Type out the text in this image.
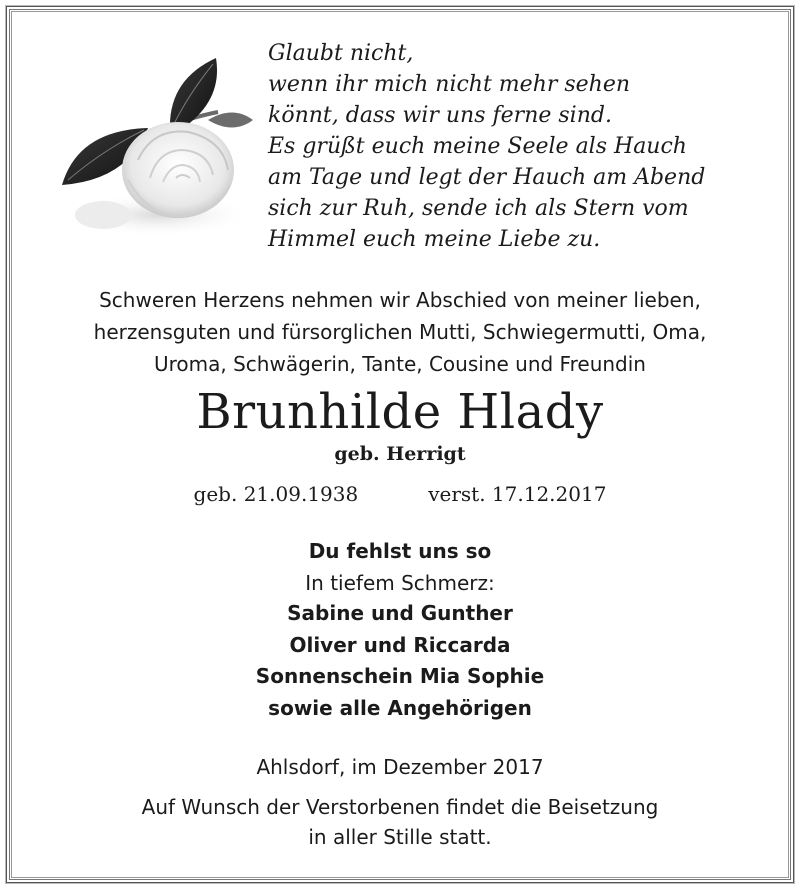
Glaubt nicht,
wenn ihr mich nicht mehr sehen
könnt, dass wir uns ferne sind.
Es grüßt euch meine Seele als Hauch
am Tage und legt der Hauch am Abend
sich zur Ruh, sende ich als Stern vom
Himmel euch meine Liebe zu.
Schweren Herzens nehmen wir Abschied von meiner lieben,
herzensguten und fürsorglichen Mutti, Schwiegermutti, Oma,
Uroma, Schwägerin, Tante, Cousine und Freundin
Brunhilde Hlady
geb. Herrigt
geb. 21.09.1938	verst. 17.12.2017
Du fehlst uns so
In tiefem Schmerz:
Sabine und Gunther
Oliver und Riccarda
Sonnenschein Mia Sophie
sowie alle Angehörigen
Ahlsdorf, im Dezember 2017
Auf Wunsch der Verstorbenen findet die Beisetzung
in aller Stille statt.
